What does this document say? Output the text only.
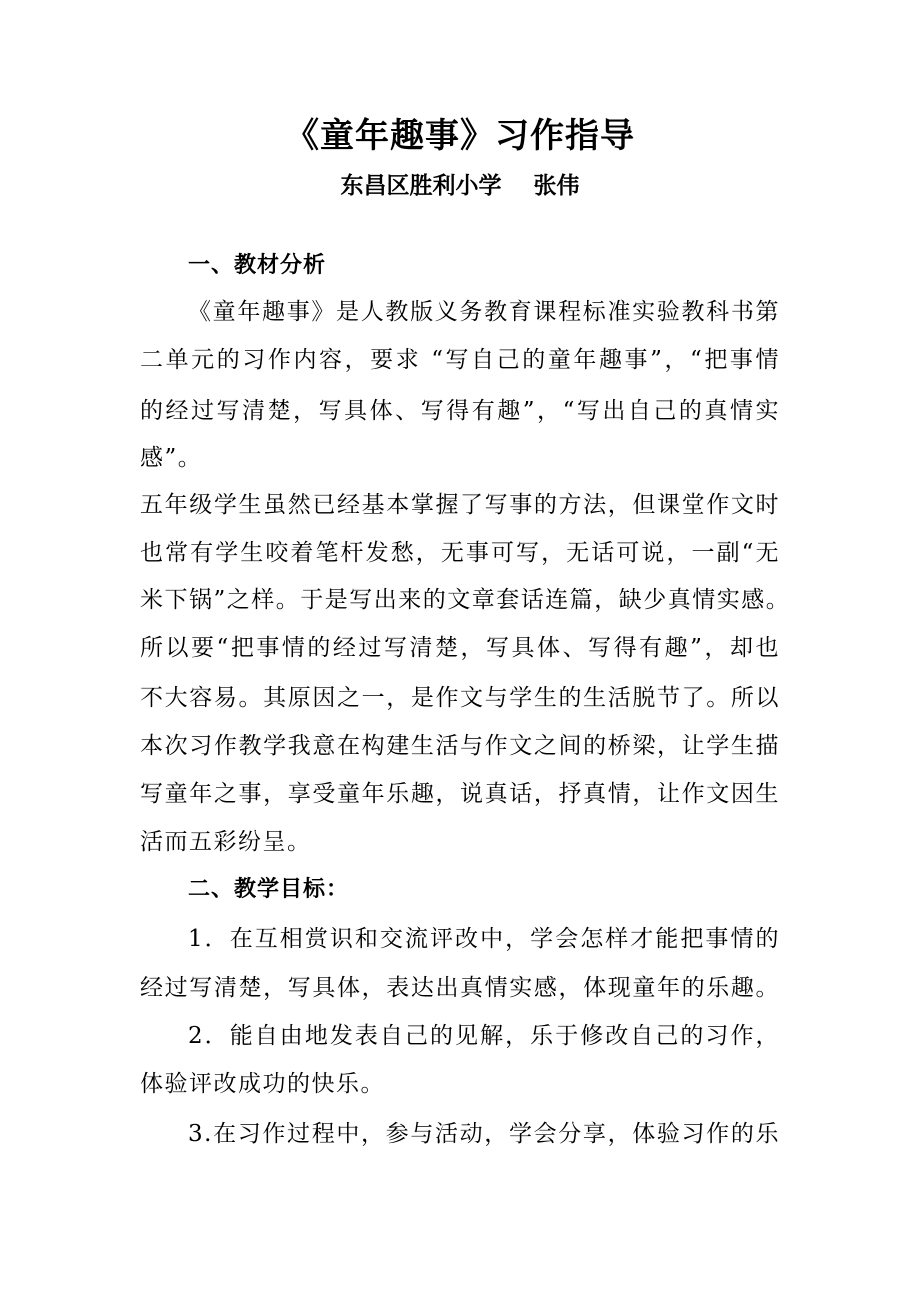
《童年趣事》习作指导
东昌区胜利小学    张伟
一、教材分析
《童年趣事》是人教版义务教育课程标准实验教科书第
二单元的习作内容，要求 “写自己的童年趣事”，“把事情
的经过写清楚，写具体、写得有趣”，“写出自己的真情实
感”。
五年级学生虽然已经基本掌握了写事的方法，但课堂作文时
也常有学生咬着笔杆发愁，无事可写，无话可说，一副“无
米下锅”之样。于是写出来的文章套话连篇，缺少真情实感。
所以要“把事情的经过写清楚，写具体、写得有趣”，却也
不大容易。其原因之一，是作文与学生的生活脱节了。所以
本次习作教学我意在构建生活与作文之间的桥梁，让学生描
写童年之事，享受童年乐趣，说真话，抒真情，让作文因生
活而五彩纷呈。
二、教学目标：
1．在互相赏识和交流评改中，学会怎样才能把事情的
经过写清楚，写具体，表达出真情实感，体现童年的乐趣。
2．能自由地发表自己的见解，乐于修改自己的习作，
体验评改成功的快乐。
3.在习作过程中，参与活动，学会分享，体验习作的乐
